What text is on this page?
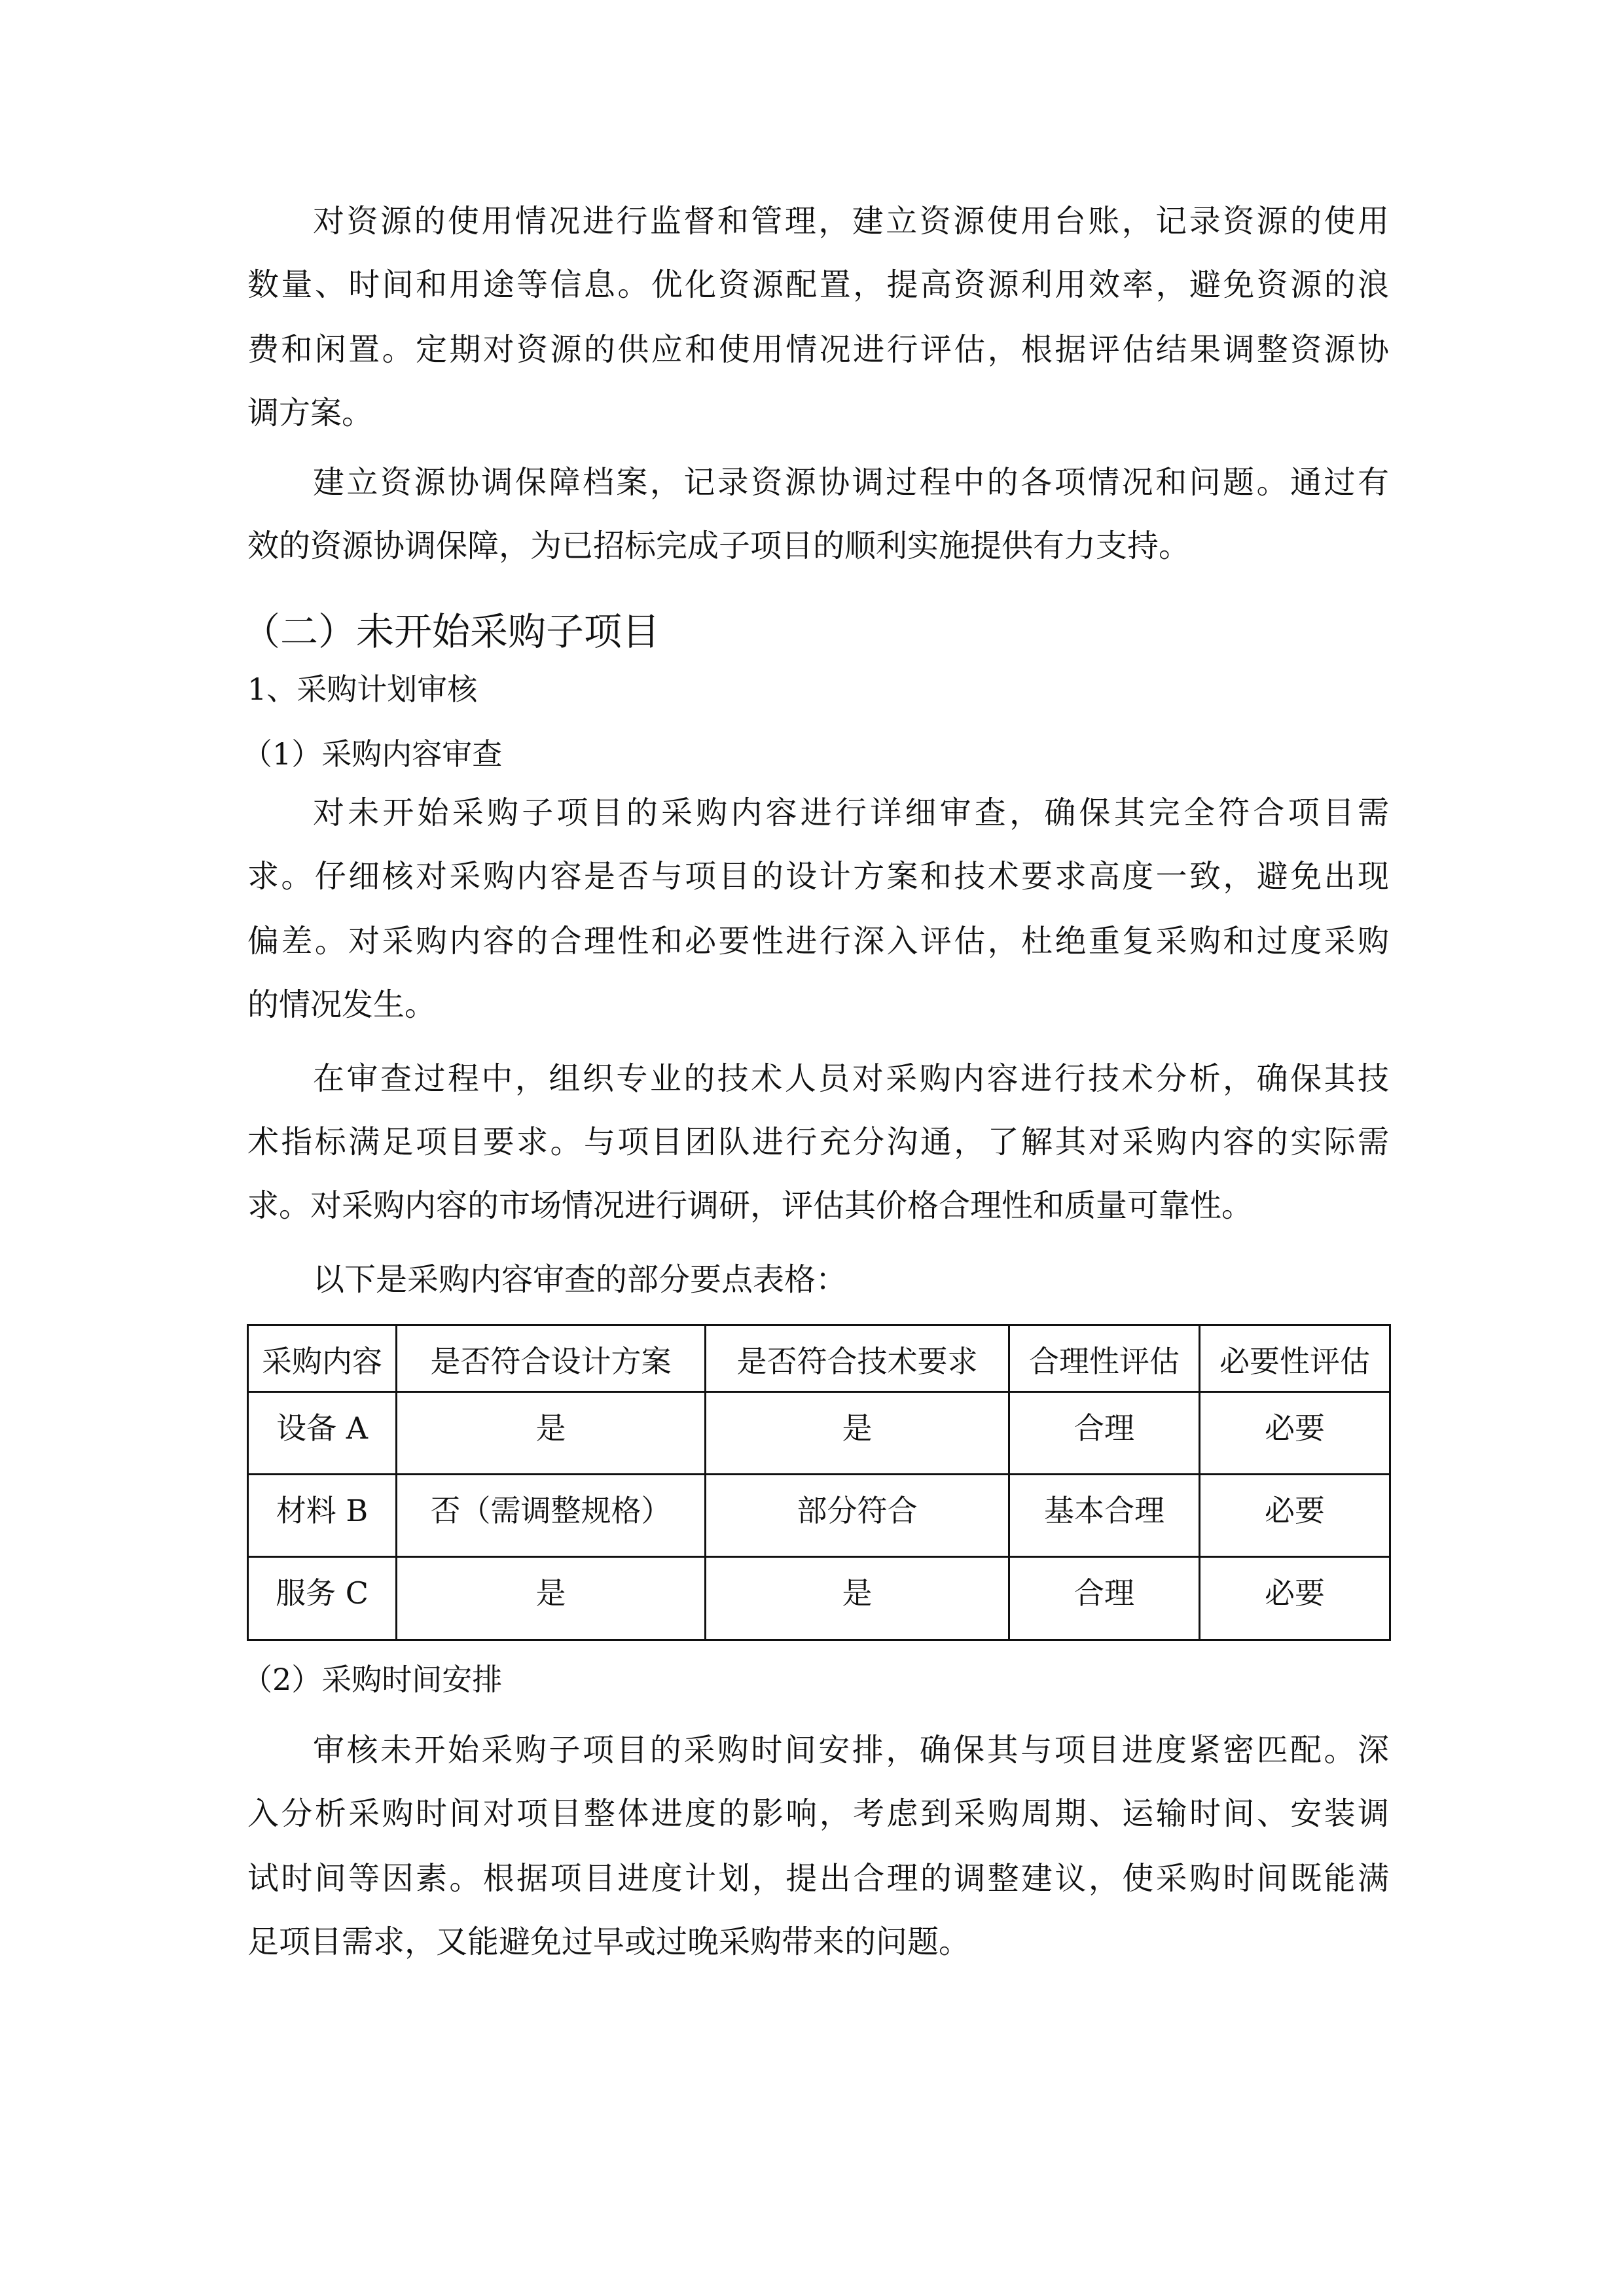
对资源的使用情况进行监督和管理，建立资源使用台账，记录资源的使用
数量、时间和用途等信息。优化资源配置，提高资源利用效率，避免资源的浪
费和闲置。定期对资源的供应和使用情况进行评估，根据评估结果调整资源协
调方案。
建立资源协调保障档案，记录资源协调过程中的各项情况和问题。通过有
效的资源协调保障，为已招标完成子项目的顺利实施提供有力支持。
（二）未开始采购子项目
1、采购计划审核
（1）采购内容审查
对未开始采购子项目的采购内容进行详细审查，确保其完全符合项目需
求。仔细核对采购内容是否与项目的设计方案和技术要求高度一致，避免出现
偏差。对采购内容的合理性和必要性进行深入评估，杜绝重复采购和过度采购
的情况发生。
在审查过程中，组织专业的技术人员对采购内容进行技术分析，确保其技
术指标满足项目要求。与项目团队进行充分沟通，了解其对采购内容的实际需
求。对采购内容的市场情况进行调研，评估其价格合理性和质量可靠性。
以下是采购内容审查的部分要点表格：
采购内容	是否符合设计方案	是否符合技术要求	合理性评估	必要性评估
设备 A	是	是	合理	必要
材料 B	否（需调整规格）	部分符合	基本合理	必要
服务 C	是	是	合理	必要
（2）采购时间安排
审核未开始采购子项目的采购时间安排，确保其与项目进度紧密匹配。深
入分析采购时间对项目整体进度的影响，考虑到采购周期、运输时间、安装调
试时间等因素。根据项目进度计划，提出合理的调整建议，使采购时间既能满
足项目需求，又能避免过早或过晚采购带来的问题。
